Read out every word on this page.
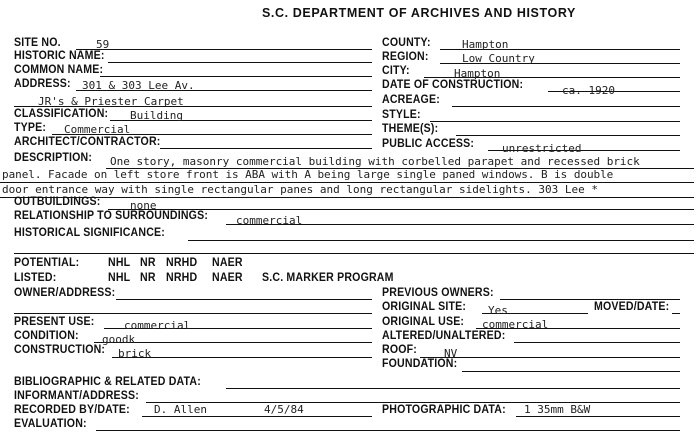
S.C. DEPARTMENT OF ARCHIVES AND HISTORY
SITE NO.	59
HISTORIC NAME:
COMMON NAME:
ADDRESS: 301 & 303 Lee Av.
JR's & Priester Carpet
CLASSIFICATION: Building
TYPE: Commercial
ARCHITECT/CONTRACTOR:
DESCRIPTION: One story, masonry commercial building with corbelled parapet and recessed brick
panel. Facade on left store front is ABA with A being large single paned windows. B is double
door entrance way with single rectangular panes and long rectangular sidelights. 303 Lee *
OUTBUILDINGS:	none
RELATIONSHIP TO SURROUNDINGS:	commercial
HISTORICAL SIGNIFICANCE:
COUNTY:	Hampton
REGION:	Low Country
CITY:	Hampton
DATE OF CONSTRUCTION:	ca. 1920
ACREAGE:
STYLE:
THEME(S):
PUBLIC ACCESS:	unrestricted
POTENTIAL: NHL NR NRHD NAER
LISTED:	NHL NR NRHD NAER S.C. MARKER PROGRAM
OWNER/ADDRESS:	PREVIOUS OWNERS:
ORIGINAL SITE: Yes	MOVED/DATE:
PRESENT USE:	commercial	ORIGINAL USE: commercial
CONDITION: goodk	ALTERED/UNALTERED:
CONSTRUCTION: brick	ROOF: NV
FOUNDATION:
BIBLIOGRAPHIC & RELATED DATA:
INFORMANT/ADDRESS:
RECORDED BY/DATE: D. Allen	4/5/84	PHOTOGRAPHIC DATA: 1 35mm B&W
EVALUATION:
